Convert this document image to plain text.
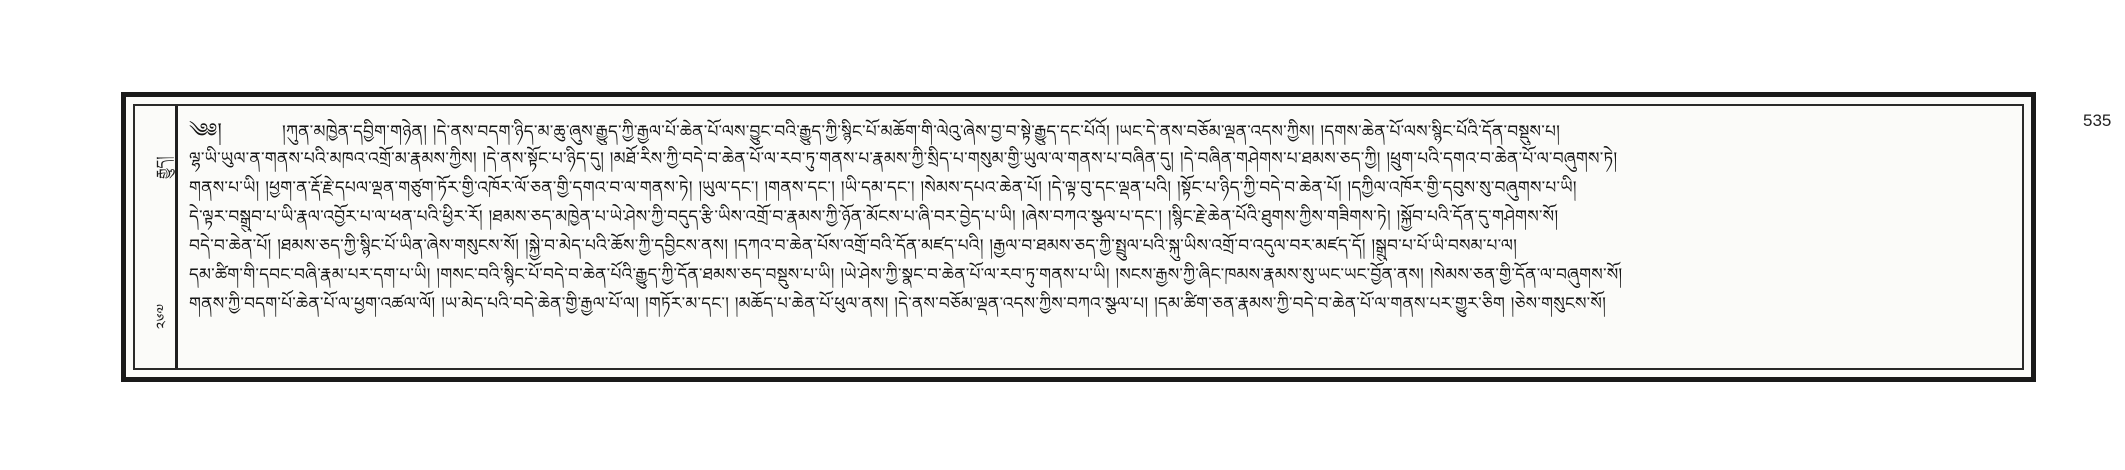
535
རྒྱུད།
༢༦༧
༄༅།	།ཀུན་མཁྱེན་དབྱིག་གཉེན། །དེ་ནས་བདག་ཉིད་མ་ཆུ་ཞུས་རྒྱུད་ཀྱི་རྒྱལ་པོ་ཆེན་པོ་ལས་བྱུང་བའི་རྒྱུད་ཀྱི་སྙིང་པོ་མཆོག་གི་ལེའུ་ཞེས་བྱ་བ་སྟེ་རྒྱུད་དང་པོའོ། །ཡང་དེ་ནས་བཅོམ་ལྡན་འདས་ཀྱིས། །དགས་ཆེན་པོ་ལས་སྙིང་པོའི་དོན་བསྡུས་པ།
ལྷ་ཡི་ཡུལ་ན་གནས་པའི་མཁའ་འགྲོ་མ་རྣམས་ཀྱིས། །དེ་ནས་སྟོང་པ་ཉིད་དུ། །མཐོ་རིས་ཀྱི་བདེ་བ་ཆེན་པོ་ལ་རབ་ཏུ་གནས་པ་རྣམས་ཀྱི་སྲིད་པ་གསུམ་གྱི་ཡུལ་ལ་གནས་པ་བཞིན་དུ། །དེ་བཞིན་གཤེགས་པ་ཐམས་ཅད་ཀྱི། །ཕྲུག་པའི་དགའ་བ་ཆེན་པོ་ལ་བཞུགས་ཏེ།
གནས་པ་ཡི། །ཕྱག་ན་རྡོ་རྗེ་དཔལ་ལྡན་གཙུག་ཏོར་གྱི་འཁོར་ལོ་ཅན་གྱི་དགའ་བ་ལ་གནས་ཏེ། །ཡུལ་དང་། །གནས་དང་། །ཡི་དམ་དང་། །སེམས་དཔའ་ཆེན་པོ། །དེ་ལྟ་བུ་དང་ལྡན་པའི། །སྟོང་པ་ཉིད་ཀྱི་བདེ་བ་ཆེན་པོ། །དཀྱིལ་འཁོར་གྱི་དབུས་སུ་བཞུགས་པ་ཡི།
དེ་ལྟར་བསྒྲུབ་པ་ཡི་རྣལ་འབྱོར་པ་ལ་ཕན་པའི་ཕྱིར་རོ། །ཐམས་ཅད་མཁྱེན་པ་ཡེ་ཤེས་ཀྱི་བདུད་རྩི་ཡིས་འགྲོ་བ་རྣམས་ཀྱི་ཉོན་མོངས་པ་ཞི་བར་བྱེད་པ་ཡི། །ཞེས་བཀའ་སྩལ་པ་དང་། །སྙིང་རྗེ་ཆེན་པོའི་ཐུགས་ཀྱིས་གཟིགས་ཏེ། །སྐྱོབ་པའི་དོན་དུ་གཤེགས་སོ།
བདེ་བ་ཆེན་པོ། །ཐམས་ཅད་ཀྱི་སྙིང་པོ་ཡིན་ཞེས་གསུངས་སོ། །སྐྱེ་བ་མེད་པའི་ཆོས་ཀྱི་དབྱིངས་ནས། །དཀའ་བ་ཆེན་པོས་འགྲོ་བའི་དོན་མཛད་པའི། །རྒྱལ་བ་ཐམས་ཅད་ཀྱི་སྤྲུལ་པའི་སྐུ་ཡིས་འགྲོ་བ་འདུལ་བར་མཛད་དོ། །སྒྲུབ་པ་པོ་ཡི་བསམ་པ་ལ།
དམ་ཚིག་གི་དབང་བཞི་རྣམ་པར་དག་པ་ཡི། །གསང་བའི་སྙིང་པོ་བདེ་བ་ཆེན་པོའི་རྒྱུད་ཀྱི་དོན་ཐམས་ཅད་བསྡུས་པ་ཡི། །ཡེ་ཤེས་ཀྱི་སྣང་བ་ཆེན་པོ་ལ་རབ་ཏུ་གནས་པ་ཡི། །སངས་རྒྱས་ཀྱི་ཞིང་ཁམས་རྣམས་སུ་ཡང་ཡང་བྱོན་ནས། །སེམས་ཅན་གྱི་དོན་ལ་བཞུགས་སོ།
གནས་ཀྱི་བདག་པོ་ཆེན་པོ་ལ་ཕྱག་འཚལ་ལོ། །ཡ་མེད་པའི་བདེ་ཆེན་གྱི་རྒྱལ་པོ་ལ། །གཏོར་མ་དང་། །མཆོད་པ་ཆེན་པོ་ཕུལ་ནས། །དེ་ནས་བཅོམ་ལྡན་འདས་ཀྱིས་བཀའ་སྩལ་པ། །དམ་ཚིག་ཅན་རྣམས་ཀྱི་བདེ་བ་ཆེན་པོ་ལ་གནས་པར་གྱུར་ཅིག །ཅེས་གསུངས་སོ།
